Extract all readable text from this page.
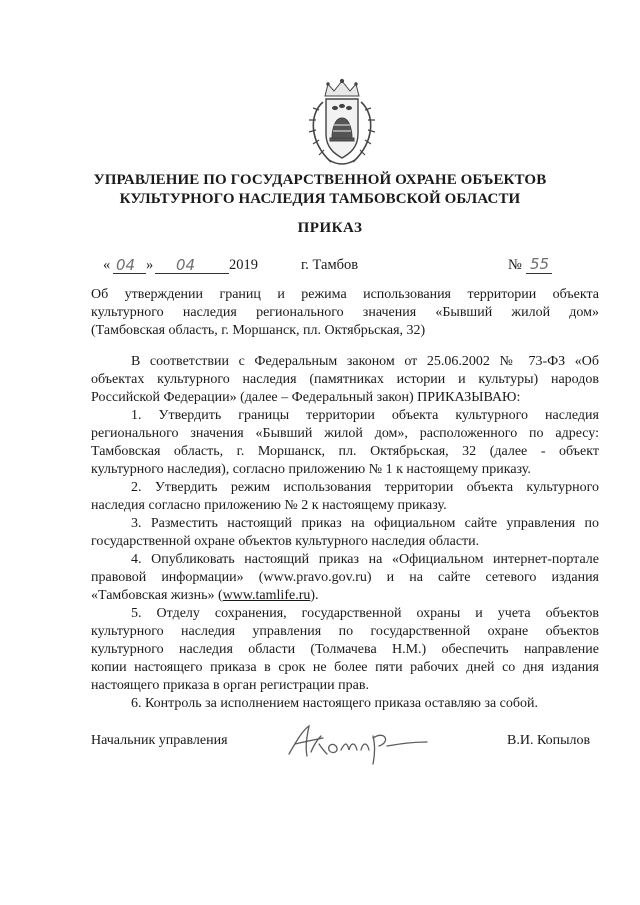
УПРАВЛЕНИЕ ПО ГОСУДАРСТВЕННОЙ ОХРАНЕ ОБЪЕКТОВ
КУЛЬТУРНОГО НАСЛЕДИЯ ТАМБОВСКОЙ ОБЛАСТИ
ПРИКАЗ
« 04 » 04 2019	г. Тамбов	№ 55
Об утверждении границ и режима использования территории объекта
культурного наследия регионального значения «Бывший жилой дом»
(Тамбовская область, г. Моршанск, пл. Октябрьская, 32)
В соответствии с Федеральным законом от 25.06.2002 № 73-ФЗ «Об
объектах культурного наследия (памятниках истории и культуры) народов
Российской Федерации» (далее – Федеральный закон) ПРИКАЗЫВАЮ:
1. Утвердить границы территории объекта культурного наследия
регионального значения «Бывший жилой дом», расположенного по адресу:
Тамбовская область, г. Моршанск, пл. Октябрьская, 32 (далее - объект
культурного наследия), согласно приложению № 1 к настоящему приказу.
2. Утвердить режим использования территории объекта культурного
наследия согласно приложению № 2 к настоящему приказу.
3. Разместить настоящий приказ на официальном сайте управления по
государственной охране объектов культурного наследия области.
4. Опубликовать настоящий приказ на «Официальном интернет-портале
правовой информации» (www.pravo.gov.ru) и на сайте сетевого издания
«Тамбовская жизнь» (www.tamlife.ru).
5. Отделу сохранения, государственной охраны и учета объектов
культурного наследия управления по государственной охране объектов
культурного наследия области (Толмачева Н.М.) обеспечить направление
копии настоящего приказа в срок не более пяти рабочих дней со дня издания
настоящего приказа в орган регистрации прав.
6. Контроль за исполнением настоящего приказа оставляю за собой.
Начальник управления	В.И. Копылов
